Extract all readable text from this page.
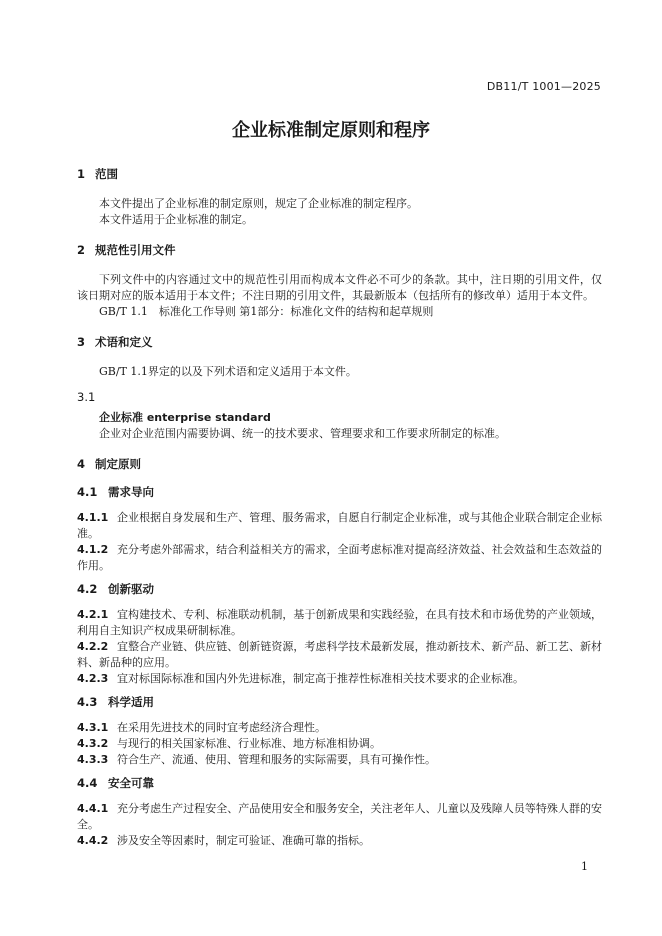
DB11/T 1001—2025
企业标准制定原则和程序
1 范围

本文件提出了企业标准的制定原则，规定了企业标准的制定程序。

本文件适用于企业标准的制定。

2 规范性引用文件

下列文件中的内容通过文中的规范性引用而构成本文件必不可少的条款。其中，注日期的引用文件，仅该日期对应的版本适用于本文件；不注日期的引用文件，其最新版本（包括所有的修改单）适用于本文件。

GB/T 1.1　标准化工作导则 第1部分：标准化文件的结构和起草规则

3 术语和定义

GB/T 1.1界定的以及下列术语和定义适用于本文件。

3.1
企业标准 enterprise standard

企业对企业范围内需要协调、统一的技术要求、管理要求和工作要求所制定的标准。

4 制定原则
4.1 需求导向

4.1.1 企业根据自身发展和生产、管理、服务需求，自愿自行制定企业标准，或与其他企业联合制定企业标准。

4.1.2 充分考虑外部需求，结合利益相关方的需求，全面考虑标准对提高经济效益、社会效益和生态效益的作用。

4.2 创新驱动

4.2.1 宜构建技术、专利、标准联动机制，基于创新成果和实践经验，在具有技术和市场优势的产业领域，利用自主知识产权成果研制标准。

4.2.2 宜整合产业链、供应链、创新链资源，考虑科学技术最新发展，推动新技术、新产品、新工艺、新材料、新品种的应用。

4.2.3 宜对标国际标准和国内外先进标准，制定高于推荐性标准相关技术要求的企业标准。

4.3 科学适用

4.3.1 在采用先进技术的同时宜考虑经济合理性。

4.3.2 与现行的相关国家标准、行业标准、地方标准相协调。

4.3.3 符合生产、流通、使用、管理和服务的实际需要，具有可操作性。

4.4 安全可靠

4.4.1 充分考虑生产过程安全、产品使用安全和服务安全，关注老年人、儿童以及残障人员等特殊人群的安全。

4.4.2 涉及安全等因素时，制定可验证、准确可靠的指标。

1
